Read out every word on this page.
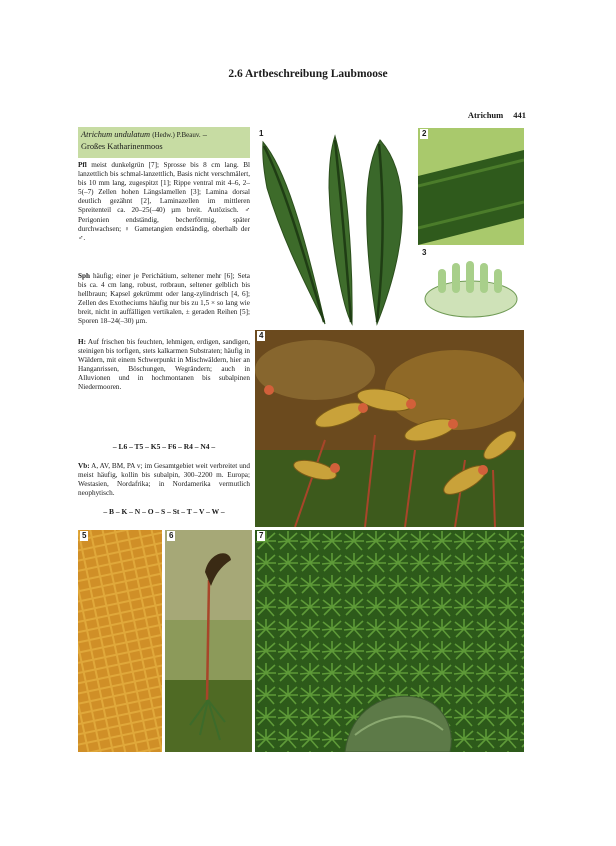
2.6 Artbeschreibung Laubmoose
Atrichum 441
Atrichum undulatum (Hedw.) P.Beauv. –
Großes Katharinenmoos
Pfl meist dunkelgrün [7]; Sprosse bis 8 cm lang. Bl lanzettlich bis schmal-lanzettlich, Basis nicht verschmälert, bis 10 mm lang, zugespitzt [1]; Rippe ventral mit 4–6, 2–5(–7) Zellen hohen Längslamellen [3]; Lamina dorsal deutlich gezähnt [2], Laminazellen im mittleren Spreitenteil ca. 20–25(–40) µm breit. Autözisch. ♂ Perigonien endständig, becherförmig, später durchwachsen; ♀ Gametangien endständig, oberhalb der ♂.
Sph häufig; einer je Perichätium, seltener mehr [6]; Seta bis ca. 4 cm lang, robust, rotbraun, seltener gelblich bis hellbraun; Kapsel gekrümmt oder lang-zylindrisch [4, 6]; Zellen des Exotheciums häufig nur bis zu 1,5 × so lang wie breit, nicht in auffälligen vertikalen, ± geraden Reihen [5]; Sporen 18–24(–30) µm.
H: Auf frischen bis feuchten, lehmigen, erdigen, sandigen, steinigen bis torfigen, stets kalkarmen Substraten; häufig in Wäldern, mit einem Schwerpunkt in Mischwäldern, hier an Hanganrissen, Böschungen, Wegrändern; auch in Alluvionen und in hochmontanen bis subalpinen Niedermooren.
– L6 – T5 – K5 – F6 – R4 – N4 –
Vb: A, AV, BM, PA v; im Gesamtgebiet weit verbreitet und meist häufig, kollin bis subalpin, 300–2200 m. Europa; Westasien, Nordafrika; in Nordamerika vermutlich neophytisch.
– B – K – N – O – S – St – T – V – W –
1	2
3
4
5	6	7
